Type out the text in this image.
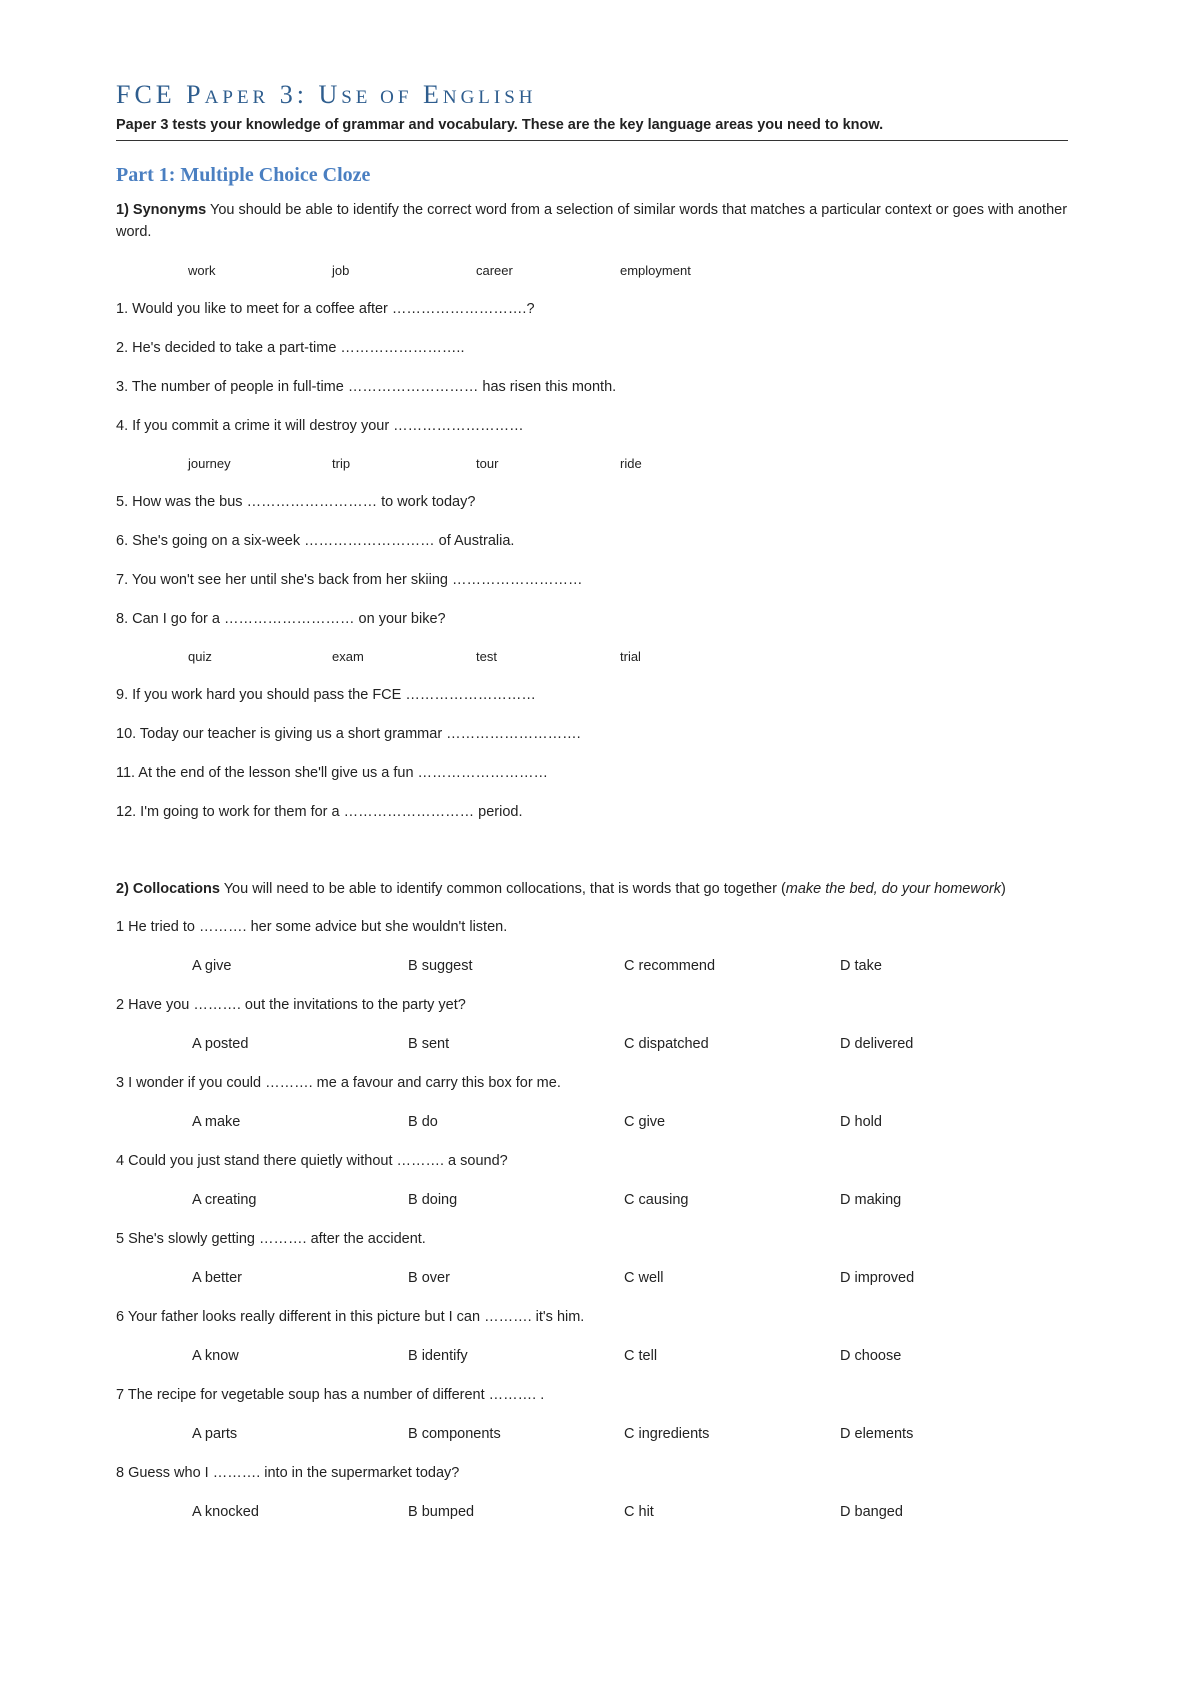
FCE PAPER 3: USE OF ENGLISH
Paper 3 tests your knowledge of grammar and vocabulary. These are the key language areas you need to know.
Part 1: Multiple Choice Cloze
1) Synonyms You should be able to identify the correct word from a selection of similar words that matches a particular context or goes with another word.
work	job	career	employment
1. Would you like to meet for a coffee after ……………………….?
2. He's decided to take a part-time ……………………..
3. The number of people in full-time ……………………… has risen this month.
4. If you commit a crime it will destroy your ………………………
journey	trip	tour	ride
5. How was the bus ……………………… to work today?
6. She's going on a six-week ……………………… of Australia.
7. You won't see her until she's back from her skiing ………………………
8. Can I go for a ……………………… on your bike?
quiz	exam	test	trial
9. If you work hard you should pass the FCE ………………………
10. Today our teacher is giving us a short grammar ……………………….
11. At the end of the lesson she'll give us a fun ………………………
12. I'm going to work for them for a ……………………… period.
2) Collocations You will need to be able to identify common collocations, that is words that go together (make the bed, do your homework)
1 He tried to ………. her some advice but she wouldn't listen.
A give	B suggest	C recommend	D take
2 Have you ………. out the invitations to the party yet?
A posted	B sent	C dispatched	D delivered
3 I wonder if you could ………. me a favour and carry this box for me.
A make	B do	C give	D hold
4 Could you just stand there quietly without ………. a sound?
A creating	B doing	C causing	D making
5 She's slowly getting ………. after the accident.
A better	B over	C well	D improved
6 Your father looks really different in this picture but I can ………. it's him.
A know	B identify	C tell	D choose
7 The recipe for vegetable soup has a number of different ………. .
A parts	B components	C ingredients	D elements
8 Guess who I ………. into in the supermarket today?
A knocked	B bumped	C hit	D banged
